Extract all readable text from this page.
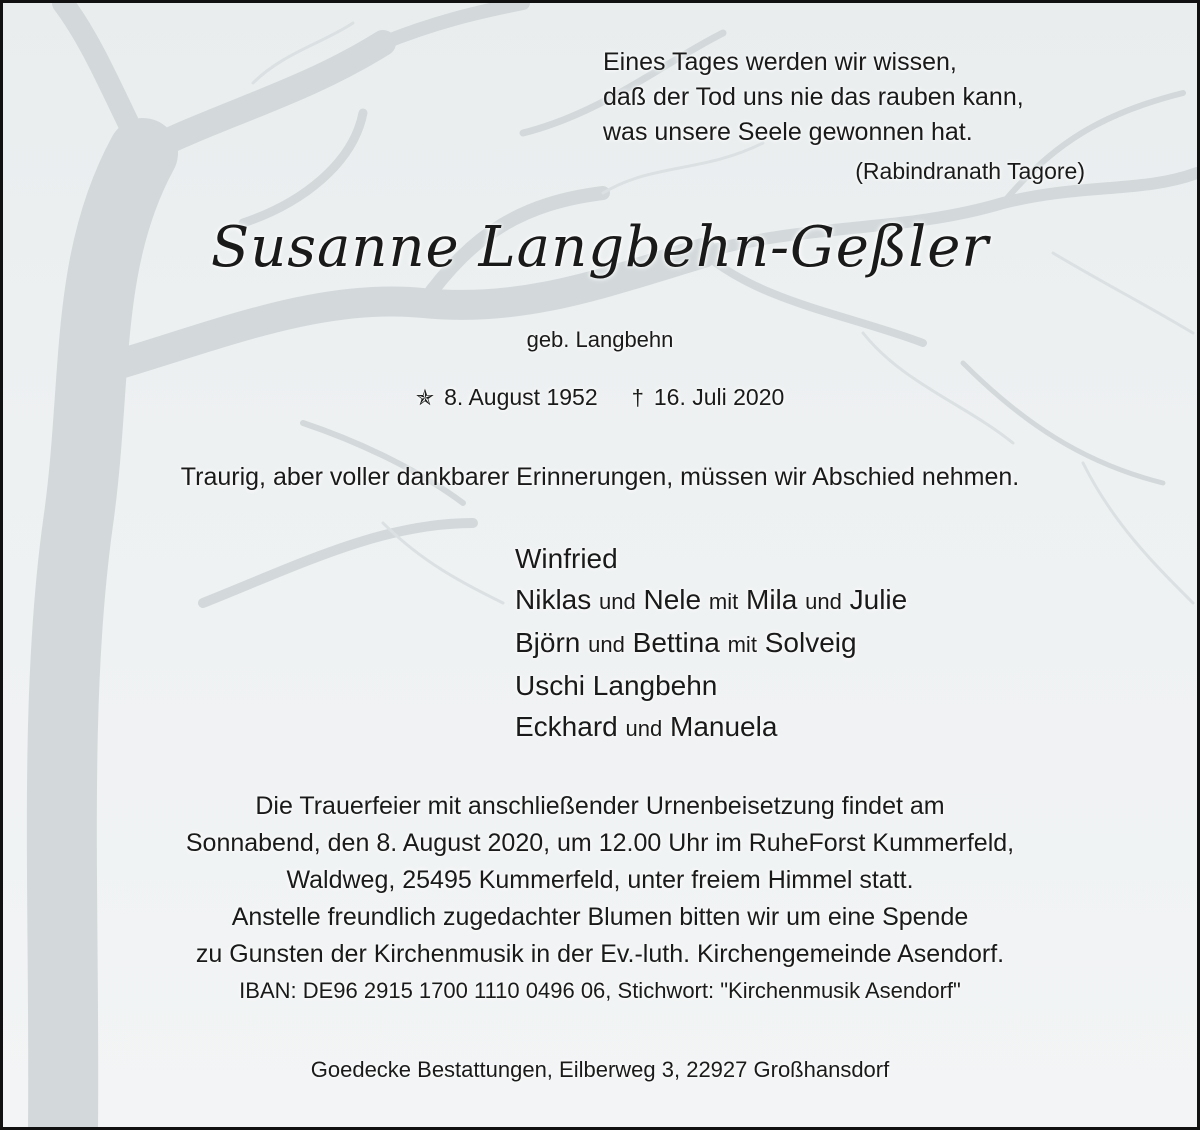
Eines Tages werden wir wissen,
daß der Tod uns nie das rauben kann,
was unsere Seele gewonnen hat.
(Rabindranath Tagore)
Susanne Langbehn-Geßler
geb. Langbehn
✯ 8. August 1952 † 16. Juli 2020
Traurig, aber voller dankbarer Erinnerungen, müssen wir Abschied nehmen.
Winfried
Niklas und Nele mit Mila und Julie
Björn und Bettina mit Solveig
Uschi Langbehn
Eckhard und Manuela
Die Trauerfeier mit anschließender Urnenbeisetzung findet am
Sonnabend, den 8. August 2020, um 12.00 Uhr im RuheForst Kummerfeld,
Waldweg, 25495 Kummerfeld, unter freiem Himmel statt.
Anstelle freundlich zugedachter Blumen bitten wir um eine Spende
zu Gunsten der Kirchenmusik in der Ev.-luth. Kirchengemeinde Asendorf.
IBAN: DE96 2915 1700 1110 0496 06, Stichwort: "Kirchenmusik Asendorf"
Goedecke Bestattungen, Eilberweg 3, 22927 Großhansdorf
